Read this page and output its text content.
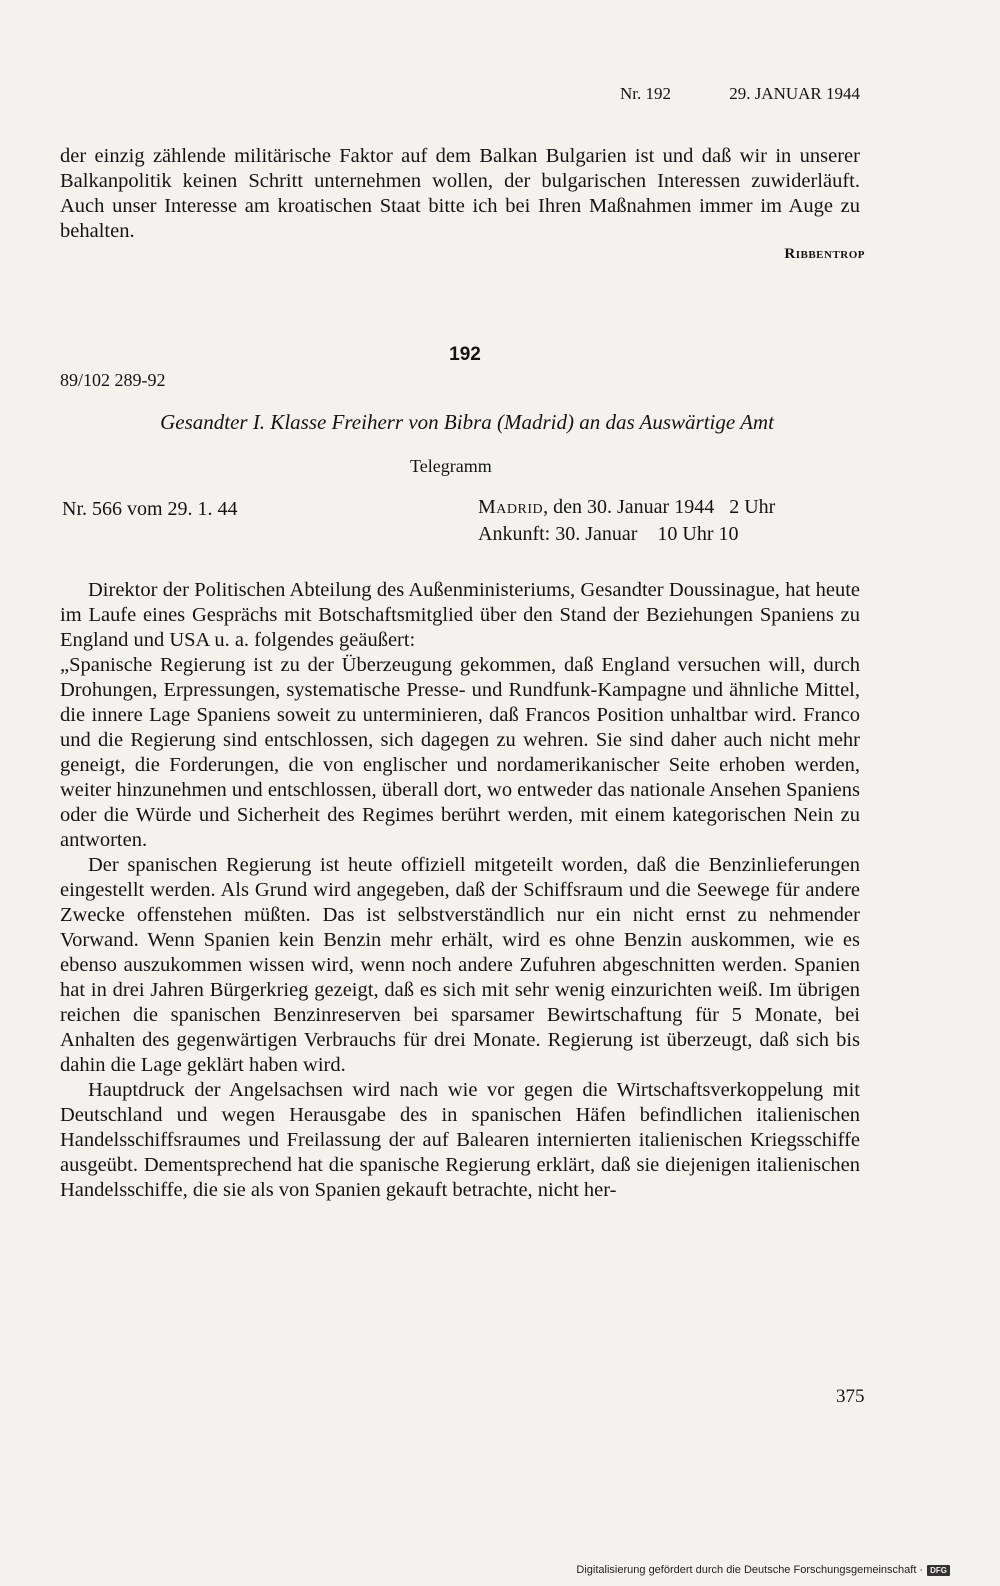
Nr. 192	29. JANUAR 1944
der einzig zählende militärische Faktor auf dem Balkan Bulgarien ist und daß wir in unserer Balkanpolitik keinen Schritt unternehmen wollen, der bulgarischen Interessen zuwiderläuft. Auch unser Interesse am kroatischen Staat bitte ich bei Ihren Maßnahmen immer im Auge zu behalten.
Ribbentrop
192
89/102 289-92
Gesandter I. Klasse Freiherr von Bibra (Madrid) an das Auswärtige Amt
Telegramm
Nr. 566 vom 29. 1. 44	Madrid, den 30. Januar 1944   2 Uhr
Ankunft: 30. Januar    10 Uhr 10

Direktor der Politischen Abteilung des Außenministeriums, Gesandter Doussinague, hat heute im Laufe eines Gesprächs mit Botschaftsmitglied über den Stand der Beziehungen Spaniens zu England und USA u. a. folgendes geäußert:

„Spanische Regierung ist zu der Überzeugung gekommen, daß England versuchen will, durch Drohungen, Erpressungen, systematische Presse- und Rundfunk-Kampagne und ähnliche Mittel, die innere Lage Spaniens soweit zu unterminieren, daß Francos Position unhaltbar wird. Franco und die Regierung sind entschlossen, sich dagegen zu wehren. Sie sind daher auch nicht mehr geneigt, die Forderungen, die von englischer und nordamerikanischer Seite erhoben werden, weiter hinzunehmen und entschlossen, überall dort, wo entweder das nationale Ansehen Spaniens oder die Würde und Sicherheit des Regimes berührt werden, mit einem kategorischen Nein zu antworten.

Der spanischen Regierung ist heute offiziell mitgeteilt worden, daß die Benzinlieferungen eingestellt werden. Als Grund wird angegeben, daß der Schiffsraum und die Seewege für andere Zwecke offenstehen müßten. Das ist selbstverständlich nur ein nicht ernst zu nehmender Vorwand. Wenn Spanien kein Benzin mehr erhält, wird es ohne Benzin auskommen, wie es ebenso auszukommen wissen wird, wenn noch andere Zufuhren abgeschnitten werden. Spanien hat in drei Jahren Bürgerkrieg gezeigt, daß es sich mit sehr wenig einzurichten weiß. Im übrigen reichen die spanischen Benzinreserven bei sparsamer Bewirtschaftung für 5 Monate, bei Anhalten des gegenwärtigen Verbrauchs für drei Monate. Regierung ist überzeugt, daß sich bis dahin die Lage geklärt haben wird.

Hauptdruck der Angelsachsen wird nach wie vor gegen die Wirtschaftsverkoppelung mit Deutschland und wegen Herausgabe des in spanischen Häfen befindlichen italienischen Handelsschiffsraumes und Freilassung der auf Balearen internierten italienischen Kriegsschiffe ausgeübt. Dementsprechend hat die spanische Regierung erklärt, daß sie diejenigen italienischen Handelsschiffe, die sie als von Spanien gekauft betrachte, nicht her-

375
Digitalisierung gefördert durch die Deutsche Forschungsgemeinschaft · DFG
